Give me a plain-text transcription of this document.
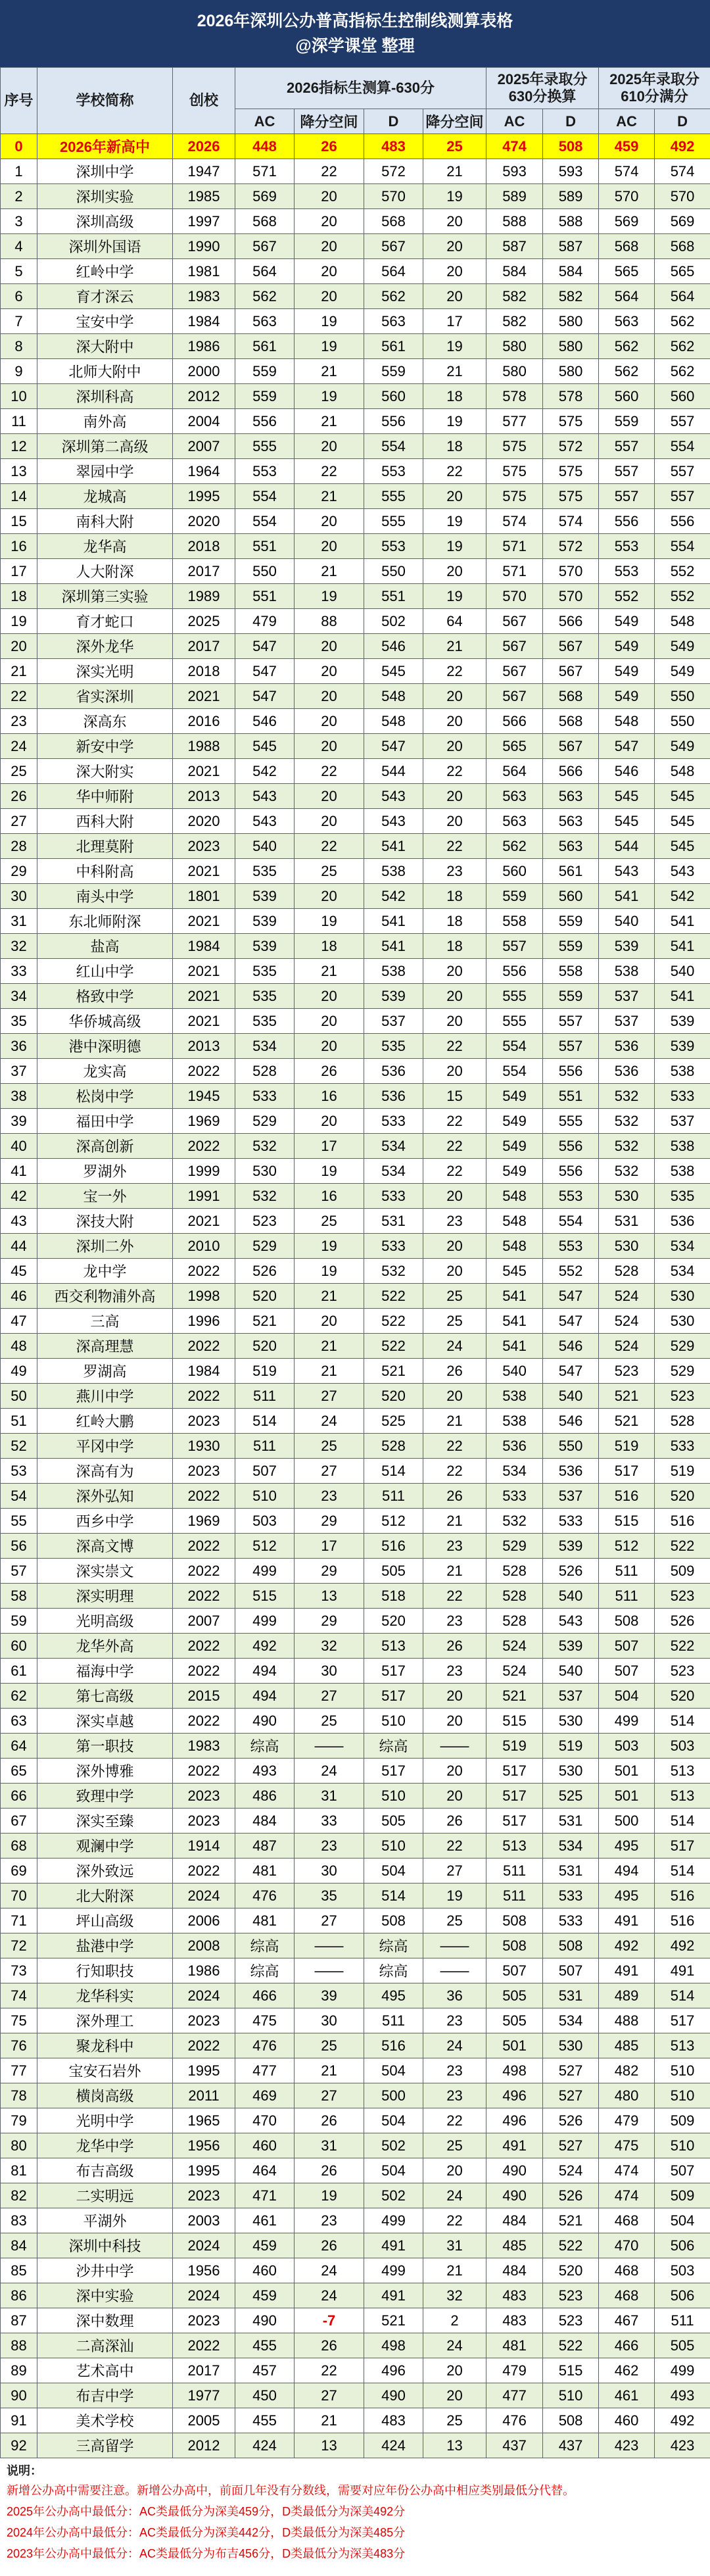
2026年深圳公办普高指标生控制线测算表格
@深学课堂 整理
序号	学校简称	创校	2026指标生测算-630分				2025年录取分630分换算		2025年录取分610分满分	
			AC	降分空间	D	降分空间	AC	D	AC	D
0	2026年新高中	2026	448	26	483	25	474	508	459	492
1	深圳中学	1947	571	22	572	21	593	593	574	574
2	深圳实验	1985	569	20	570	19	589	589	570	570
3	深圳高级	1997	568	20	568	20	588	588	569	569
4	深圳外国语	1990	567	20	567	20	587	587	568	568
5	红岭中学	1981	564	20	564	20	584	584	565	565
6	育才深云	1983	562	20	562	20	582	582	564	564
7	宝安中学	1984	563	19	563	17	582	580	563	562
8	深大附中	1986	561	19	561	19	580	580	562	562
9	北师大附中	2000	559	21	559	21	580	580	562	562
10	深圳科高	2012	559	19	560	18	578	578	560	560
11	南外高	2004	556	21	556	19	577	575	559	557
12	深圳第二高级	2007	555	20	554	18	575	572	557	554
13	翠园中学	1964	553	22	553	22	575	575	557	557
14	龙城高	1995	554	21	555	20	575	575	557	557
15	南科大附	2020	554	20	555	19	574	574	556	556
16	龙华高	2018	551	20	553	19	571	572	553	554
17	人大附深	2017	550	21	550	20	571	570	553	552
18	深圳第三实验	1989	551	19	551	19	570	570	552	552
19	育才蛇口	2025	479	88	502	64	567	566	549	548
20	深外龙华	2017	547	20	546	21	567	567	549	549
21	深实光明	2018	547	20	545	22	567	567	549	549
22	省实深圳	2021	547	20	548	20	567	568	549	550
23	深高东	2016	546	20	548	20	566	568	548	550
24	新安中学	1988	545	20	547	20	565	567	547	549
25	深大附实	2021	542	22	544	22	564	566	546	548
26	华中师附	2013	543	20	543	20	563	563	545	545
27	西科大附	2020	543	20	543	20	563	563	545	545
28	北理莫附	2023	540	22	541	22	562	563	544	545
29	中科附高	2021	535	25	538	23	560	561	543	543
30	南头中学	1801	539	20	542	18	559	560	541	542
31	东北师附深	2021	539	19	541	18	558	559	540	541
32	盐高	1984	539	18	541	18	557	559	539	541
33	红山中学	2021	535	21	538	20	556	558	538	540
34	格致中学	2021	535	20	539	20	555	559	537	541
35	华侨城高级	2021	535	20	537	20	555	557	537	539
36	港中深明德	2013	534	20	535	22	554	557	536	539
37	龙实高	2022	528	26	536	20	554	556	536	538
38	松岗中学	1945	533	16	536	15	549	551	532	533
39	福田中学	1969	529	20	533	22	549	555	532	537
40	深高创新	2022	532	17	534	22	549	556	532	538
41	罗湖外	1999	530	19	534	22	549	556	532	538
42	宝一外	1991	532	16	533	20	548	553	530	535
43	深技大附	2021	523	25	531	23	548	554	531	536
44	深圳二外	2010	529	19	533	20	548	553	530	534
45	龙中学	2022	526	19	532	20	545	552	528	534
46	西交利物浦外高	1998	520	21	522	25	541	547	524	530
47	三高	1996	521	20	522	25	541	547	524	530
48	深高理慧	2022	520	21	522	24	541	546	524	529
49	罗湖高	1984	519	21	521	26	540	547	523	529
50	燕川中学	2022	511	27	520	20	538	540	521	523
51	红岭大鹏	2023	514	24	525	21	538	546	521	528
52	平冈中学	1930	511	25	528	22	536	550	519	533
53	深高有为	2023	507	27	514	22	534	536	517	519
54	深外弘知	2022	510	23	511	26	533	537	516	520
55	西乡中学	1969	503	29	512	21	532	533	515	516
56	深高文博	2022	512	17	516	23	529	539	512	522
57	深实崇文	2022	499	29	505	21	528	526	511	509
58	深实明理	2022	515	13	518	22	528	540	511	523
59	光明高级	2007	499	29	520	23	528	543	508	526
60	龙华外高	2022	492	32	513	26	524	539	507	522
61	福海中学	2022	494	30	517	23	524	540	507	523
62	第七高级	2015	494	27	517	20	521	537	504	520
63	深实卓越	2022	490	25	510	20	515	530	499	514
64	第一职技	1983	综高	——	综高	——	519	519	503	503
65	深外博雅	2022	493	24	517	20	517	530	501	513
66	致理中学	2023	486	31	510	20	517	525	501	513
67	深实至臻	2023	484	33	505	26	517	531	500	514
68	观澜中学	1914	487	23	510	22	513	534	495	517
69	深外致远	2022	481	30	504	27	511	531	494	514
70	北大附深	2024	476	35	514	19	511	533	495	516
71	坪山高级	2006	481	27	508	25	508	533	491	516
72	盐港中学	2008	综高	——	综高	——	508	508	492	492
73	行知职技	1986	综高	——	综高	——	507	507	491	491
74	龙华科实	2024	466	39	495	36	505	531	489	514
75	深外理工	2023	475	30	511	23	505	534	488	517
76	聚龙科中	2022	476	25	516	24	501	530	485	513
77	宝安石岩外	1995	477	21	504	23	498	527	482	510
78	横岗高级	2011	469	27	500	23	496	527	480	510
79	光明中学	1965	470	26	504	22	496	526	479	509
80	龙华中学	1956	460	31	502	25	491	527	475	510
81	布吉高级	1995	464	26	504	20	490	524	474	507
82	二实明远	2023	471	19	502	24	490	526	474	509
83	平湖外	2003	461	23	499	22	484	521	468	504
84	深圳中科技	2024	459	26	491	31	485	522	470	506
85	沙井中学	1956	460	24	499	21	484	520	468	503
86	深中实验	2024	459	24	491	32	483	523	468	506
87	深中数理	2023	490	-7	521	2	483	523	467	511
88	二高深汕	2022	455	26	498	24	481	522	466	505
89	艺术高中	2017	457	22	496	20	479	515	462	499
90	布吉中学	1977	450	27	490	20	477	510	461	493
91	美术学校	2005	455	21	483	25	476	508	460	492
92	三高留学	2012	424	13	424	13	437	437	423	423
说明：
新增公办高中需要注意。新增公办高中，前面几年没有分数线，需要对应年份公办高中相应类别最低分代替。
2025年公办高中最低分：AC类最低分为深美459分，D类最低分为深美492分
2024年公办高中最低分：AC类最低分为深美442分，D类最低分为深美485分
2023年公办高中最低分：AC类最低分为布吉456分，D类最低分为深美483分
